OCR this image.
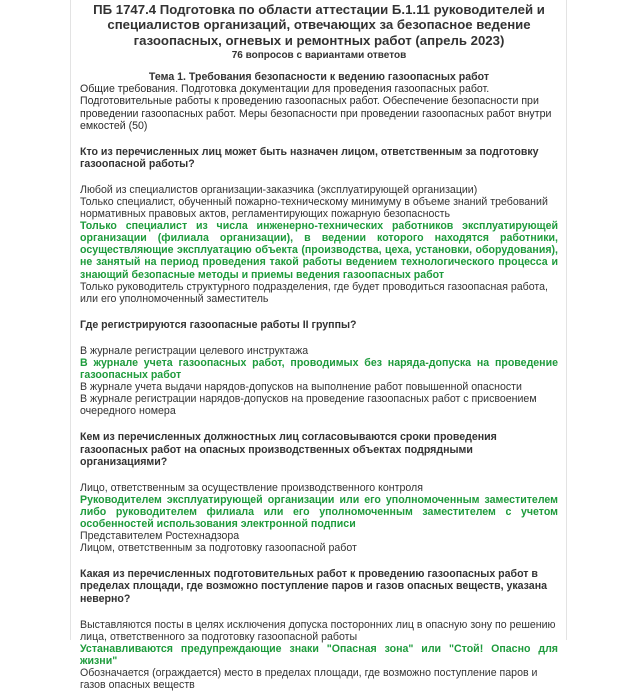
ПБ 1747.4 Подготовка по области аттестации Б.1.11 руководителей и специалистов организаций, отвечающих за безопасное ведение газоопасных, огневых и ремонтных работ (апрель 2023)
76 вопросов с вариантами ответов
Тема 1. Требования безопасности к ведению газоопасных работ

Общие требования. Подготовка документации для проведения газоопасных работ.

Подготовительные работы к проведению газоопасных работ. Обеспечение безопасности при проведении газоопасных работ. Меры безопасности при проведении газоопасных работ внутри емкостей (50)

Кто из перечисленных лиц может быть назначен лицом, ответственным за подготовку газоопасной работы?

Любой из специалистов организации-заказчика (эксплуатирующей организации)

Только специалист, обученный пожарно-техническому минимуму в объеме знаний требований нормативных правовых актов, регламентирующих пожарную безопасность

Только специалист из числа инженерно-технических работников эксплуатирующей организации (филиала организации), в ведении которого находятся работники, осуществляющие эксплуатацию объекта (производства, цеха, установки, оборудования), не занятый на период проведения такой работы ведением технологического процесса и знающий безопасные методы и приемы ведения газоопасных работ

Только руководитель структурного подразделения, где будет проводиться газоопасная работа, или его уполномоченный заместитель

Где регистрируются газоопасные работы II группы?

В журнале регистрации целевого инструктажа

В журнале учета газоопасных работ, проводимых без наряда-допуска на проведение газоопасных работ

В журнале учета выдачи нарядов-допусков на выполнение работ повышенной опасности

В журнале регистрации нарядов-допусков на проведение газоопасных работ с присвоением очередного номера

Кем из перечисленных должностных лиц согласовываются сроки проведения газоопасных работ на опасных производственных объектах подрядными организациями?

Лицо, ответственным за осуществление производственного контроля

Руководителем эксплуатирующей организации или его уполномоченным заместителем либо руководителем филиала или его уполномоченным заместителем с учетом особенностей использования электронной подписи

Представителем Ростехнадзора

Лицом, ответственным за подготовку газоопасной работ

Какая из перечисленных подготовительных работ к проведению газоопасных работ в пределах площади, где возможно поступление паров и газов опасных веществ, указана неверно?

Выставляются посты в целях исключения допуска посторонних лиц в опасную зону по решению лица, ответственного за подготовку газоопасной работы

Устанавливаются предупреждающие знаки "Опасная зона" или "Стой! Опасно для жизни"

Обозначается (ограждается) место в пределах площади, где возможно поступление паров и газов опасных веществ
